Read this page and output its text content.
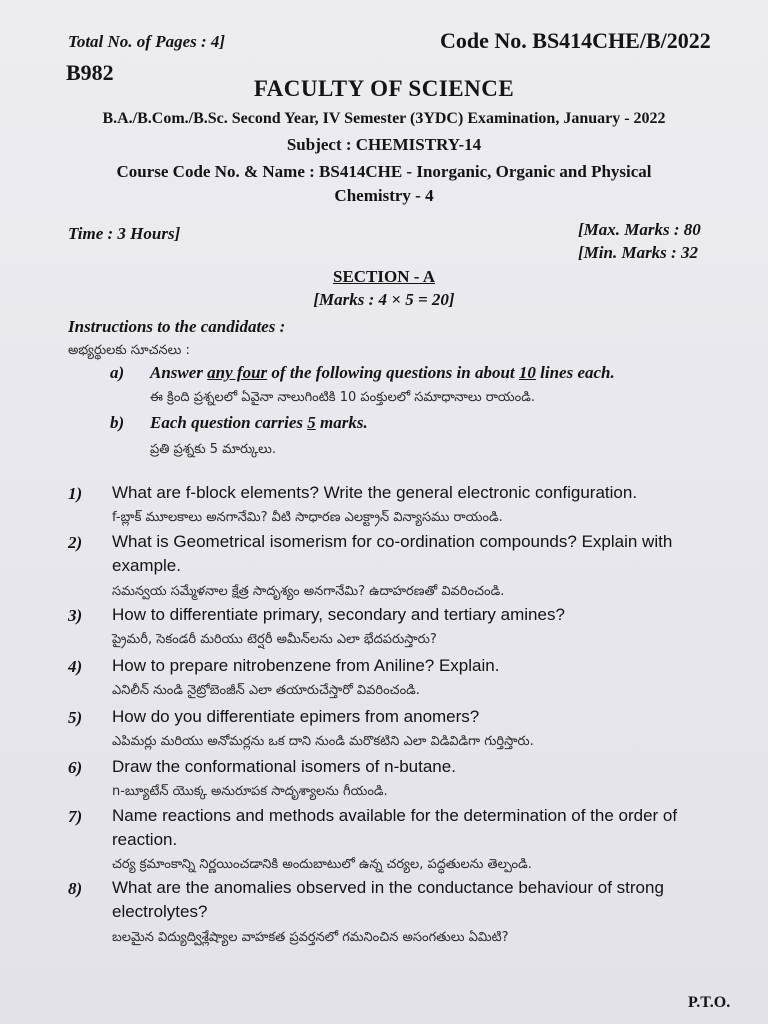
Total No. of Pages : 4]	Code No. BS414CHE/B/2022
B982
FACULTY OF SCIENCE
B.A./B.Com./B.Sc. Second Year, IV Semester (3YDC) Examination, January - 2022
Subject : CHEMISTRY-14
Course Code No. & Name : BS414CHE - Inorganic, Organic and Physical
Chemistry - 4
Time : 3 Hours]	[Max. Marks : 80
[Min. Marks : 32
SECTION - A
[Marks : 4 × 5 = 20]
Instructions to the candidates :
అభ్యర్థులకు సూచనలు :
a) Answer any four of the following questions in about 10 lines each.
ఈ క్రింది ప్రశ్నలలో ఏవైనా నాలుగింటికి 10 పంక్తులలో సమాధానాలు రాయండి.
b) Each question carries 5 marks.
ప్రతి ప్రశ్నకు 5 మార్కులు.
1) What are f-block elements? Write the general electronic configuration.
f-బ్లాక్ మూలకాలు అనగానేమి? వీటి సాధారణ ఎలక్ట్రాన్ విన్యాసము రాయండి.
2) What is Geometrical isomerism for co-ordination compounds? Explain with
example.
సమన్వయ సమ్మేళనాల క్షేత్ర సాదృశ్యం అనగానేమి? ఉదాహరణతో వివరించండి.
3) How to differentiate primary, secondary and tertiary amines?
ప్రైమరీ, సెకండరీ మరియు టెర్షరీ అమీన్‌లను ఎలా భేదపరుస్తారు?
4) How to prepare nitrobenzene from Aniline? Explain.
ఎనిలీన్ నుండి నైట్రోబెంజీన్ ఎలా తయారుచేస్తారో వివరించండి.
5) How do you differentiate epimers from anomers?
ఎపిమర్లు మరియు అనోమర్లను ఒక దాని నుండి మరొకటిని ఎలా విడివిడిగా గుర్తిస్తారు.
6) Draw the conformational isomers of n-butane.
n-బ్యూటేన్ యొక్క అనురూపక సాదృశ్యాలను గీయండి.
7) Name reactions and methods available for the determination of the order of
reaction.
చర్య క్రమాంకాన్ని నిర్ణయించడానికి అందుబాటులో ఉన్న చర్యల, పద్ధతులను తెల్పండి.
8) What are the anomalies observed in the conductance behaviour of strong
electrolytes?
బలమైన విద్యుద్విశ్లేష్యాల వాహకత ప్రవర్తనలో గమనించిన అసంగతులు ఏమిటి?
P.T.O.
